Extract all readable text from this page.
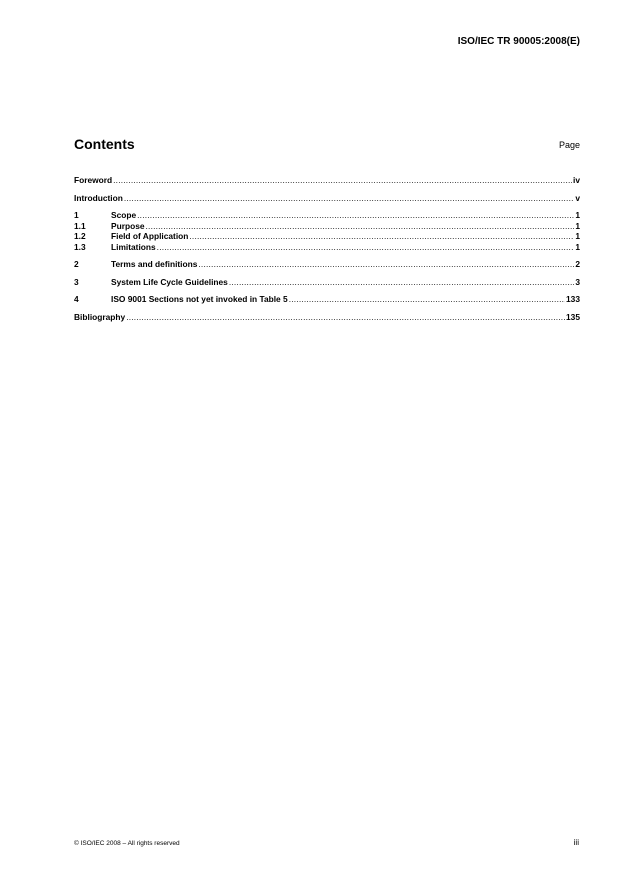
ISO/IEC TR 90005:2008(E)
Contents	Page
Foreword .....	iv
Introduction .....	v
1	Scope .....	1
1.1	Purpose .....	1
1.2	Field of Application .....	1
1.3	Limitations .....	1
2	Terms and definitions .....	2
3	System Life Cycle Guidelines .....	3
4	ISO 9001 Sections not yet invoked in Table 5 .....	133
Bibliography .....	135
© ISO/IEC 2008 – All rights reserved	iii
